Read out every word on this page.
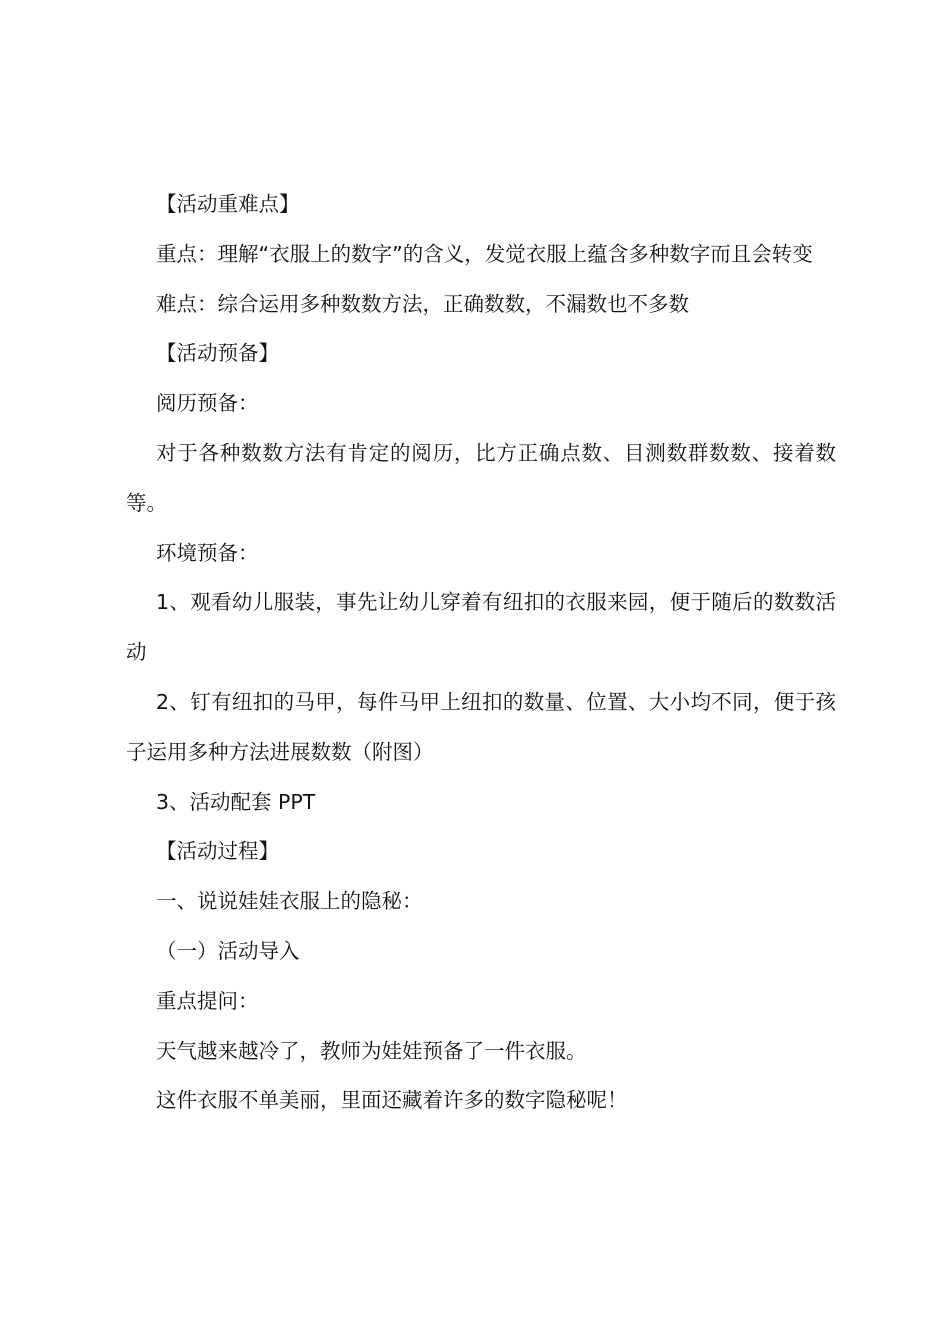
【活动重难点】

重点：理解“衣服上的数字”的含义，发觉衣服上蕴含多种数字而且会转变

难点：综合运用多种数数方法，正确数数，不漏数也不多数

【活动预备】

阅历预备：

对于各种数数方法有肯定的阅历，比方正确点数、目测数群数数、接着数等。

环境预备：

1、观看幼儿服装，事先让幼儿穿着有纽扣的衣服来园，便于随后的数数活动

2、钉有纽扣的马甲，每件马甲上纽扣的数量、位置、大小均不同，便于孩子运用多种方法进展数数（附图）

3、活动配套 PPT

【活动过程】

一、说说娃娃衣服上的隐秘：

（一）活动导入

重点提问：

天气越来越冷了，教师为娃娃预备了一件衣服。

这件衣服不单美丽，里面还藏着许多的数字隐秘呢！
